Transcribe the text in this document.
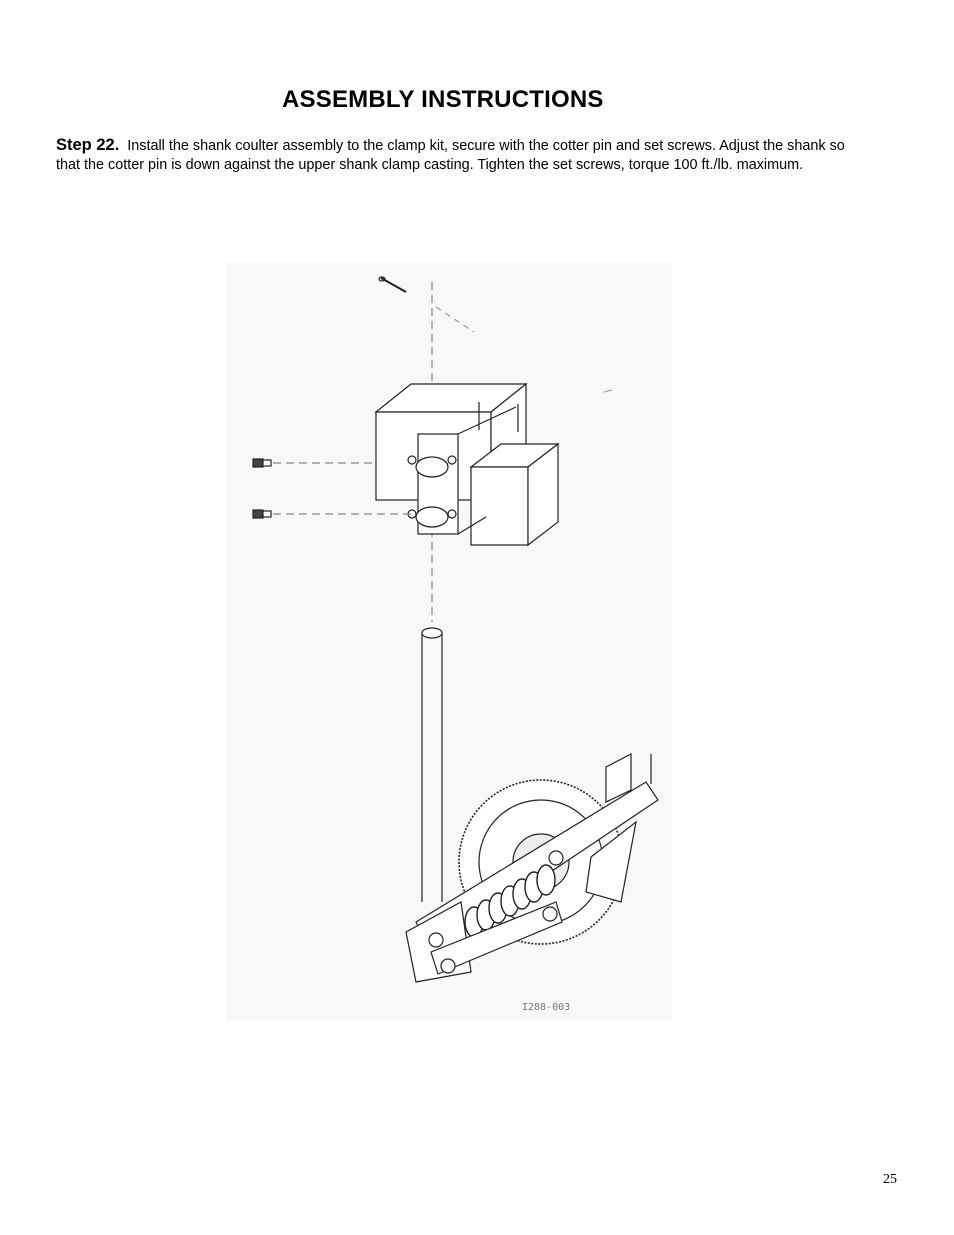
ASSEMBLY INSTRUCTIONS
Step 22. Install the shank coulter assembly to the clamp kit, secure with the cotter pin and set screws. Adjust the shank so that the cotter pin is down against the upper shank clamp casting. Tighten the set screws, torque 100 ft./lb. maximum.
I288-003
25
